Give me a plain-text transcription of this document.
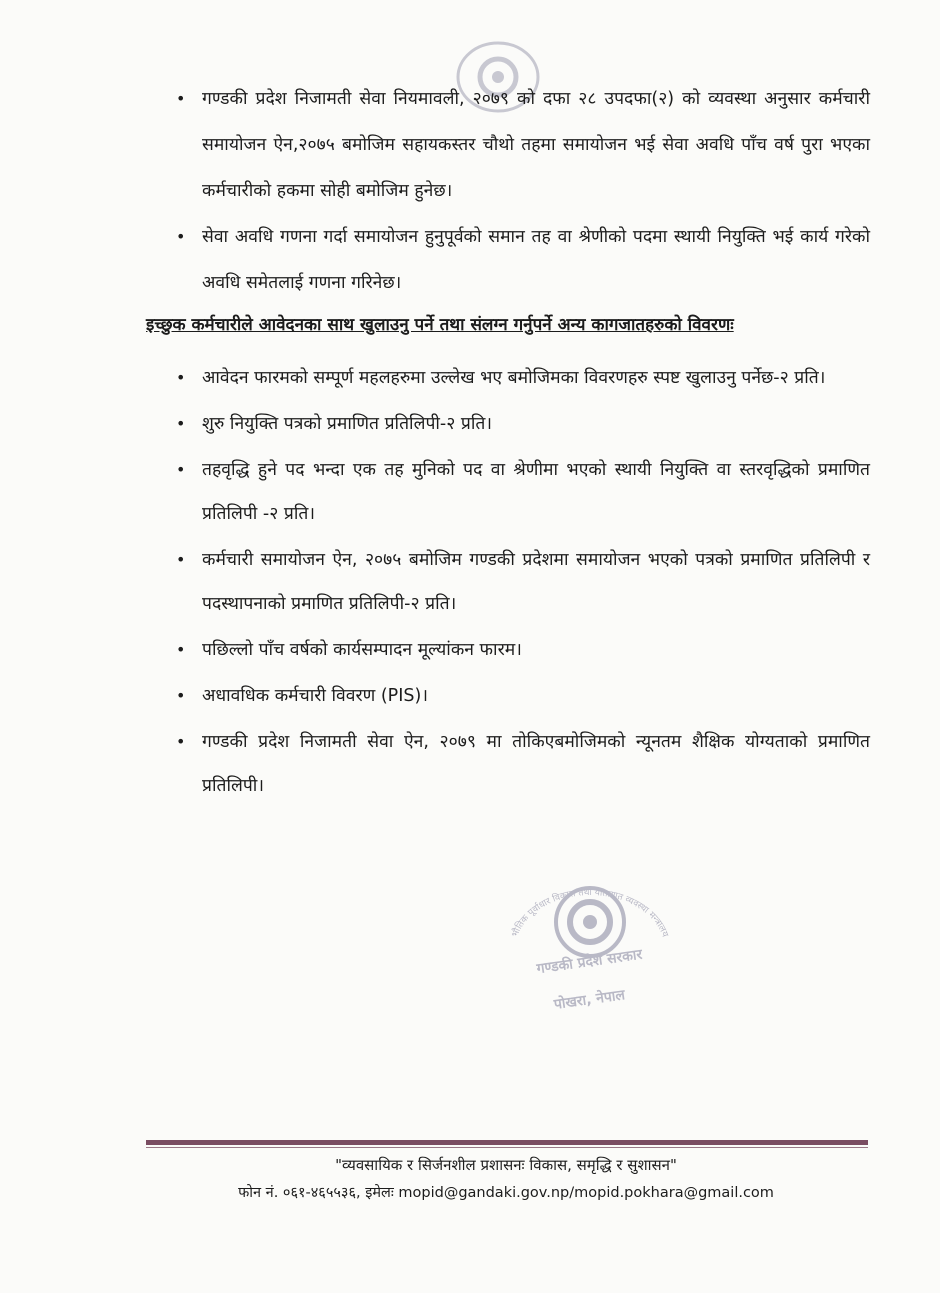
• गण्डकी प्रदेश निजामती सेवा नियमावली, २०७९ को दफा २८ उपदफा(२) को व्यवस्था अनुसार कर्मचारी समायोजन ऐन,२०७५ बमोजिम सहायकस्तर चौथो तहमा समायोजन भई सेवा अवधि पाँच वर्ष पुरा भएका कर्मचारीको हकमा सोही बमोजिम हुनेछ।
• सेवा अवधि गणना गर्दा समायोजन हुनुपूर्वको समान तह वा श्रेणीको पदमा स्थायी नियुक्ति भई कार्य गरेको अवधि समेतलाई गणना गरिनेछ।
इच्छुक कर्मचारीले आवेदनका साथ खुलाउनु पर्ने तथा संलग्न गर्नुपर्ने अन्य कागजातहरुको विवरणः
• आवेदन फारमको सम्पूर्ण महलहरुमा उल्लेख भए बमोजिमका विवरणहरु स्पष्ट खुलाउनु पर्नेछ-२ प्रति।
• शुरु नियुक्ति पत्रको प्रमाणित प्रतिलिपी-२ प्रति।
• तहवृद्धि हुने पद भन्दा एक तह मुनिको पद वा श्रेणीमा भएको स्थायी नियुक्ति वा स्तरवृद्धिको प्रमाणित प्रतिलिपी -२ प्रति।
• कर्मचारी समायोजन ऐन, २०७५ बमोजिम गण्डकी प्रदेशमा समायोजन भएको पत्रको प्रमाणित प्रतिलिपी र पदस्थापनाको प्रमाणित प्रतिलिपी-२ प्रति।
• पछिल्लो पाँच वर्षको कार्यसम्पादन मूल्यांकन फारम।
• अधावधिक कर्मचारी विवरण (PIS)।
• गण्डकी प्रदेश निजामती सेवा ऐन, २०७९ मा तोकिएबमोजिमको न्यूनतम शैक्षिक योग्यताको प्रमाणित प्रतिलिपी।
भौतिक पूर्वाधार विकास तथा यातायात व्यवस्था मन्त्रालय
गण्डकी प्रदेश सरकार
पोखरा, नेपाल
"व्यवसायिक र सिर्जनशील प्रशासनः विकास, समृद्धि र सुशासन"
फोन नं. ०६१-४६५५३६, इमेलः mopid@gandaki.gov.np/mopid.pokhara@gmail.com
